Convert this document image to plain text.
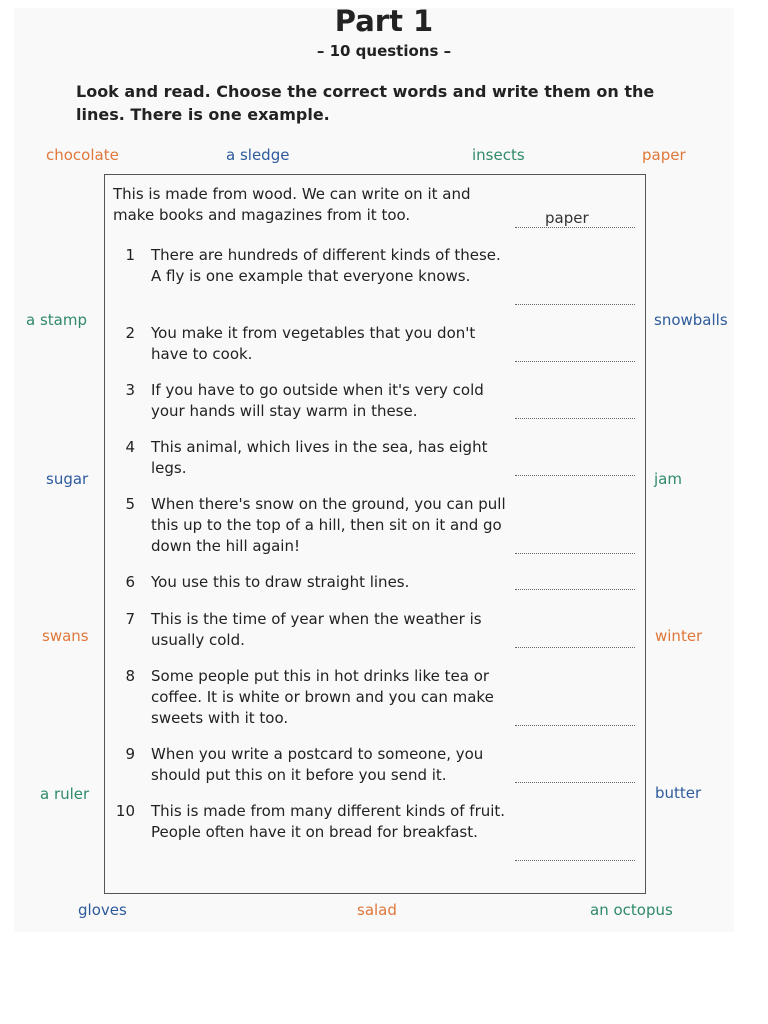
Part 1
– 10 questions –
Look and read. Choose the correct words and write them on the lines. There is one example.
chocolate	a sledge	insects	paper
a stamp	snowballs
sugar	jam
swans	winter
a ruler	butter
gloves	salad	an octopus
This is made from wood. We can write on it and make books and magazines from it too.	paper
1 There are hundreds of different kinds of these. A fly is one example that everyone knows.
2 You make it from vegetables that you don't have to cook.
3 If you have to go outside when it's very cold your hands will stay warm in these.
4 This animal, which lives in the sea, has eight legs.
5 When there's snow on the ground, you can pull this up to the top of a hill, then sit on it and go down the hill again!
6 You use this to draw straight lines.
7 This is the time of year when the weather is usually cold.
8 Some people put this in hot drinks like tea or coffee. It is white or brown and you can make sweets with it too.
9 When you write a postcard to someone, you should put this on it before you send it.
10 This is made from many different kinds of fruit. People often have it on bread for breakfast.
